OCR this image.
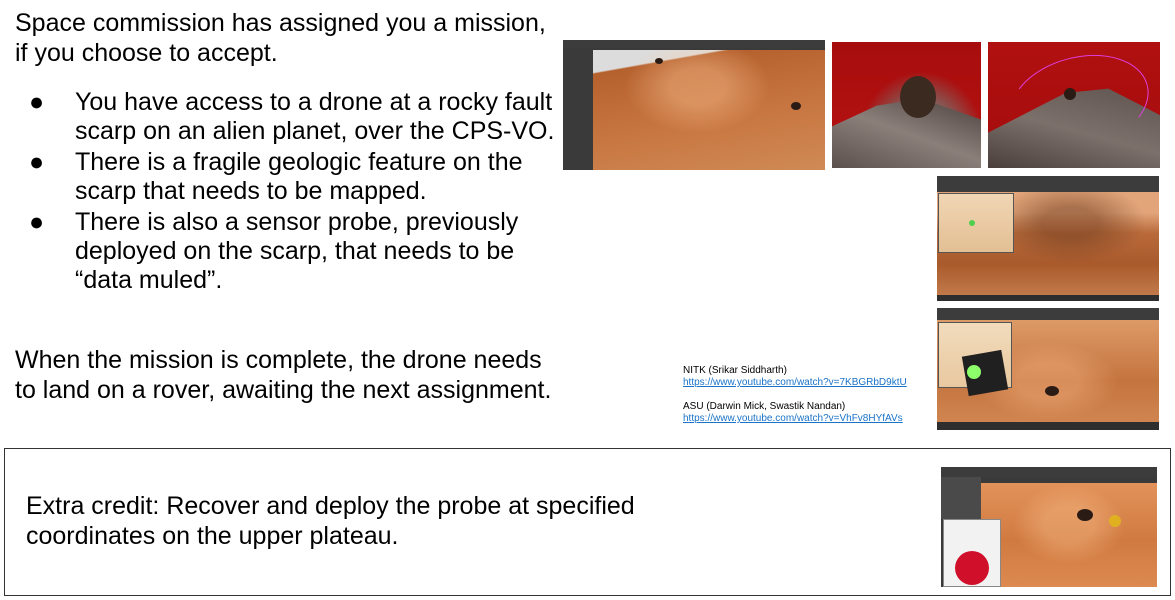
Space commission has assigned you a mission, if you choose to accept.
● You have access to a drone at a rocky fault scarp on an alien planet, over the CPS-VO.
● There is a fragile geologic feature on the scarp that needs to be mapped.
● There is also a sensor probe, previously deployed on the scarp, that needs to be “data muled”.
When the mission is complete, the drone needs to land on a rover, awaiting the next assignment.
NITK (Srikar Siddharth)
https://www.youtube.com/watch?v=7KBGRbD9ktU
ASU (Darwin Mick, Swastik Nandan)
https://www.youtube.com/watch?v=VhFv8HYfAVs
Extra credit: Recover and deploy the probe at specified coordinates on the upper plateau.
